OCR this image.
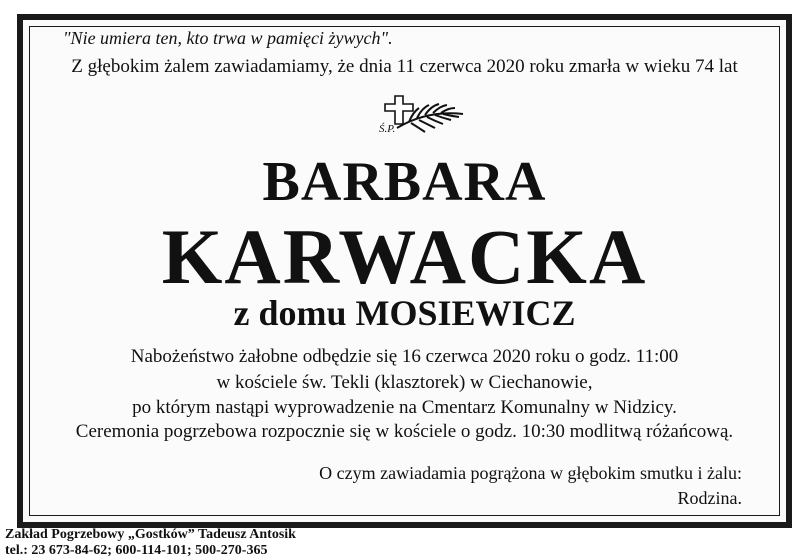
"Nie umiera ten, kto trwa w pamięci żywych".

Z głębokim żalem zawiadamiamy, że dnia 11 czerwca 2020 roku zmarła w wieku 74 lat

Ś.P.

BARBARA

KARWACKA

z domu MOSIEWICZ

Nabożeństwo żałobne odbędzie się 16 czerwca 2020 roku o godz. 11:00

w kościele św. Tekli (klasztorek) w Ciechanowie,

po którym nastąpi wyprowadzenie na Cmentarz Komunalny w Nidzicy.

Ceremonia pogrzebowa rozpocznie się w kościele o godz. 10:30 modlitwą różańcową.

O czym zawiadamia pogrążona w głębokim smutku i żalu:

Rodzina.

Zakład Pogrzebowy „Gostków” Tadeusz Antosik

tel.: 23 673-84-62; 600-114-101; 500-270-365
